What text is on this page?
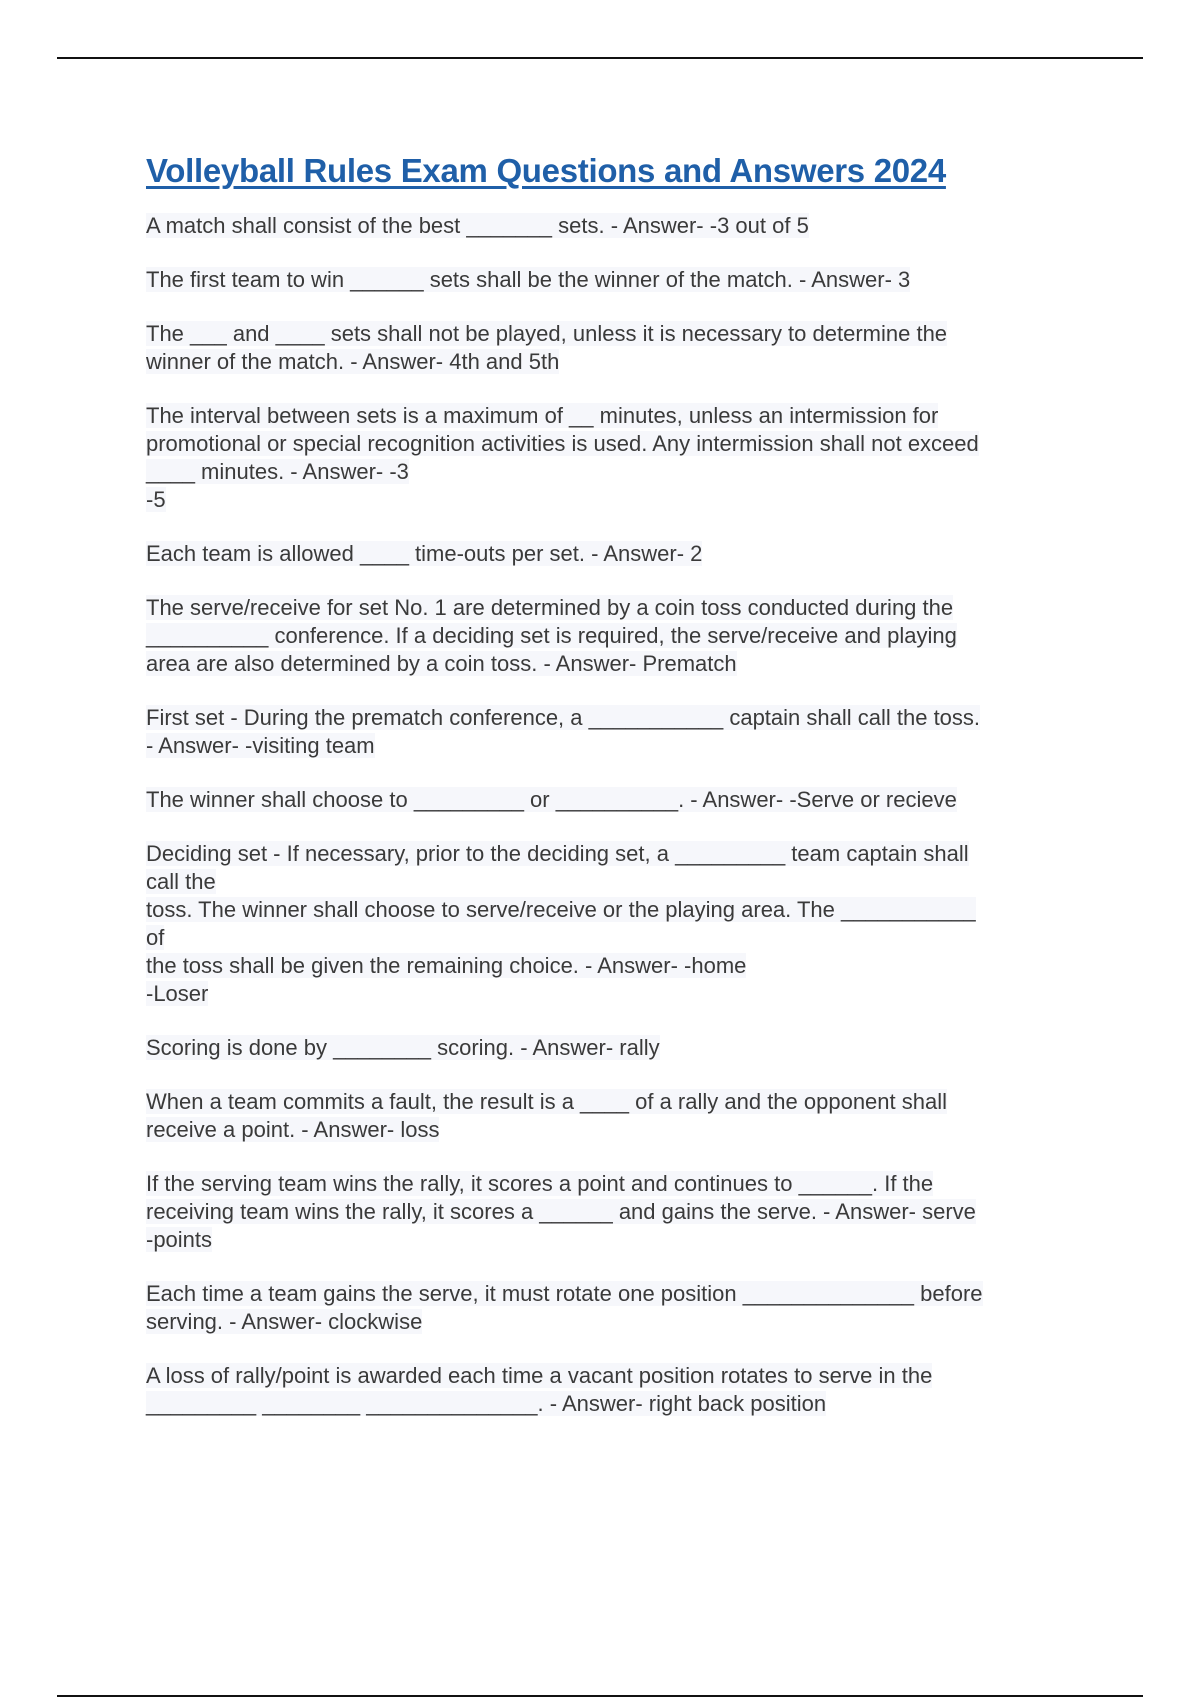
Volleyball Rules Exam Questions and Answers 2024

A match shall consist of the best _______ sets. - Answer- -3 out of 5

The first team to win ______ sets shall be the winner of the match. - Answer- 3

The ___ and ____ sets shall not be played, unless it is necessary to determine the
winner of the match. - Answer- 4th and 5th

The interval between sets is a maximum of __ minutes, unless an intermission for
promotional or special recognition activities is used. Any intermission shall not exceed
____ minutes. - Answer- -3
-5

Each team is allowed ____ time-outs per set. - Answer- 2

The serve/receive for set No. 1 are determined by a coin toss conducted during the
__________ conference. If a deciding set is required, the serve/receive and playing
area are also determined by a coin toss. - Answer- Prematch

First set - During the prematch conference, a ___________ captain shall call the toss.
- Answer- -visiting team

The winner shall choose to _________ or __________. - Answer- -Serve or recieve

Deciding set - If necessary, prior to the deciding set, a _________ team captain shall
call the
toss. The winner shall choose to serve/receive or the playing area. The ___________
of
the toss shall be given the remaining choice. - Answer- -home
-Loser

Scoring is done by ________ scoring. - Answer- rally

When a team commits a fault, the result is a ____ of a rally and the opponent shall
receive a point. - Answer- loss

If the serving team wins the rally, it scores a point and continues to ______. If the
receiving team wins the rally, it scores a ______ and gains the serve. - Answer- serve
-points

Each time a team gains the serve, it must rotate one position ______________ before
serving. - Answer- clockwise

A loss of rally/point is awarded each time a vacant position rotates to serve in the
_________ ________ ______________. - Answer- right back position
